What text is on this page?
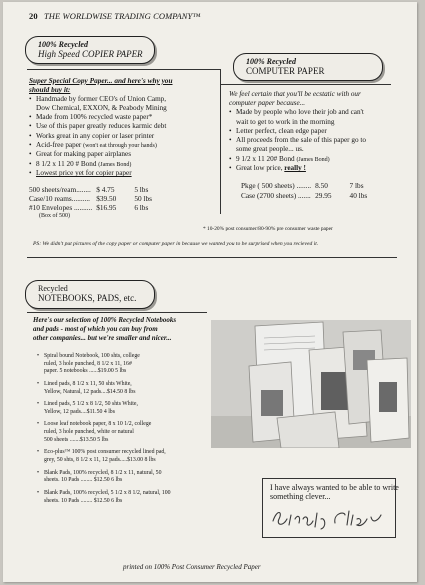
20 THE WORLDWISE TRADING COMPANY™
100% Recycled
High Speed COPIER PAPER
100% Recycled
COMPUTER PAPER
Super Special Copy Paper... and here's why you
should buy it:
• Handmade by former CEO's of Union Camp,
Dow Chemical, EXXON, & Peabody Mining
• Made from 100% recycled waste paper*
• Use of this paper greatly reduces karmic debt
• Works great in any copier or laser printer
• Acid-free paper (won't eat through your hands)
• Great for making paper airplanes
• 8 1/2 x 11 20 # Bond (James Bond)
• Lowest price yet for copier paper
500 sheets/ream........	$ 4.75	5 lbs
Case/10 reams..........	$39.50	50 lbs
#10 Envelopes ..........	$16.95	6 lbs
(Box of 500)
We feel certain that you'll be ecstatic with our
computer paper because...
• Made by people who love their job and can't
wait to get to work in the morning
• Letter perfect, clean edge paper
• All proceeds from the sale of this paper go to
some great people... us.
• 9 1/2 x 11 20# Bond (James Bond)
• Great low price, really !
Pkge ( 500 sheets) ........	8.50	7 lbs
Case (2700 sheets) .......	29.95	40 lbs
* 10-20% post consumer/80-90% pre consumer waste paper
PS: We didn't put pictures of the copy paper or computer paper in because we wanted you to be surprised when you recieved it.
Recycled
NOTEBOOKS, PADS, etc.
Here's our selection of 100% Recycled Notebooks
and pads - most of which you can buy from
other companies... but we're smaller and nicer...
• Spiral bound Notebook, 100 shts, college
ruled, 3 hole punched, 8 1/2 x 11, 16#
paper. 5 notebooks ......$19.00 5 lbs
• Lined pads, 8 1/2 x 11, 50 shts White,
Yellow, Natural, 12 pads....$14.50 8 lbs
• Lined pads, 5 1/2 x 8 1/2, 50 shts White,
Yellow, 12 pads....$11.50 4 lbs
• Loose leaf notebook paper, 8 x 10 1/2, college
ruled, 3 hole punched, white or natural
500 sheets .......$13.50 5 lbs
• Eco-plus™ 100% post consumer recycled lined pad,
grey, 50 shts, 8 1/2 x 11, 12 pads.....$13.00 8 lbs
• Blank Pads, 100% recycled, 8 1/2 x 11, natural, 50
sheets. 10 Pads ........ $12.50 6 lbs
• Blank Pads, 100% recycled, 5 1/2 x 8 1/2, natural, 100
sheets. 10 Pads ........ $12.50 6 lbs
I have always wanted to be able to write
something clever...
printed on 100% Post Consumer Recycled Paper
